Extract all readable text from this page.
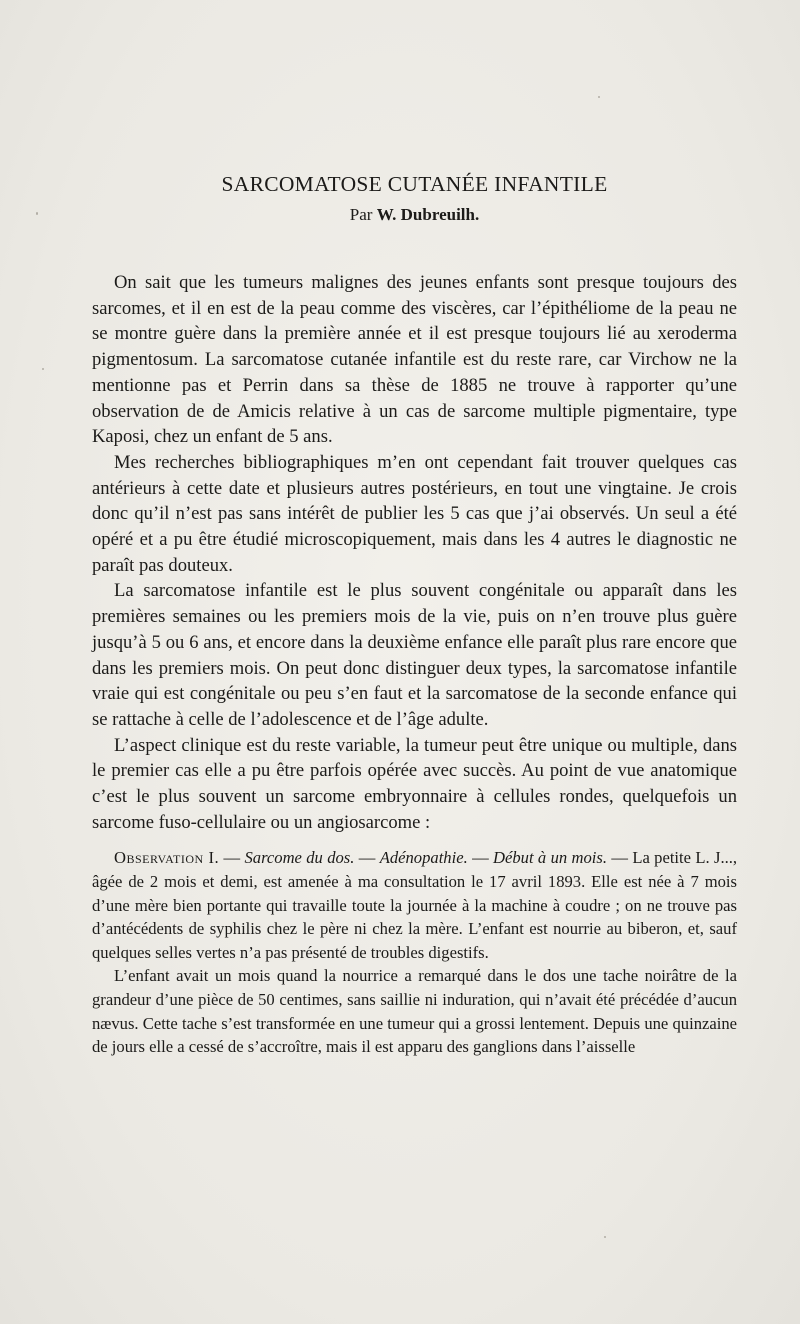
SARCOMATOSE CUTANÉE INFANTILE

Par W. Dubreuilh.

On sait que les tumeurs malignes des jeunes enfants sont presque toujours des sarcomes, et il en est de la peau comme des viscères, car l’épithéliome de la peau ne se montre guère dans la première année et il est presque toujours lié au xeroderma pigmentosum. La sarcomatose cutanée infantile est du reste rare, car Virchow ne la mentionne pas et Perrin dans sa thèse de 1885 ne trouve à rapporter qu’une observation de de Amicis relative à un cas de sarcome multiple pigmentaire, type Kaposi, chez un enfant de 5 ans.

Mes recherches bibliographiques m’en ont cependant fait trouver quelques cas antérieurs à cette date et plusieurs autres postérieurs, en tout une vingtaine. Je crois donc qu’il n’est pas sans intérêt de publier les 5 cas que j’ai observés. Un seul a été opéré et a pu être étudié microscopiquement, mais dans les 4 autres le diagnostic ne paraît pas douteux.

La sarcomatose infantile est le plus souvent congénitale ou apparaît dans les premières semaines ou les premiers mois de la vie, puis on n’en trouve plus guère jusqu’à 5 ou 6 ans, et encore dans la deuxième enfance elle paraît plus rare encore que dans les premiers mois. On peut donc distinguer deux types, la sarcomatose infantile vraie qui est congénitale ou peu s’en faut et la sarcomatose de la seconde enfance qui se rattache à celle de l’adolescence et de l’âge adulte.

L’aspect clinique est du reste variable, la tumeur peut être unique ou multiple, dans le premier cas elle a pu être parfois opérée avec succès. Au point de vue anatomique c’est le plus souvent un sarcome embryonnaire à cellules rondes, quelquefois un sarcome fuso-cellulaire ou un angiosarcome :

Observation I. — Sarcome du dos. — Adénopathie. — Début à un mois. — La petite L. J..., âgée de 2 mois et demi, est amenée à ma consultation le 17 avril 1893. Elle est née à 7 mois d’une mère bien portante qui travaille toute la journée à la machine à coudre ; on ne trouve pas d’antécédents de syphilis chez le père ni chez la mère. L’enfant est nourrie au biberon, et, sauf quelques selles vertes n’a pas présenté de troubles digestifs.

L’enfant avait un mois quand la nourrice a remarqué dans le dos une tache noirâtre de la grandeur d’une pièce de 50 centimes, sans saillie ni induration, qui n’avait été précédée d’aucun nævus. Cette tache s’est transformée en une tumeur qui a grossi lentement. Depuis une quinzaine de jours elle a cessé de s’accroître, mais il est apparu des ganglions dans l’aisselle
